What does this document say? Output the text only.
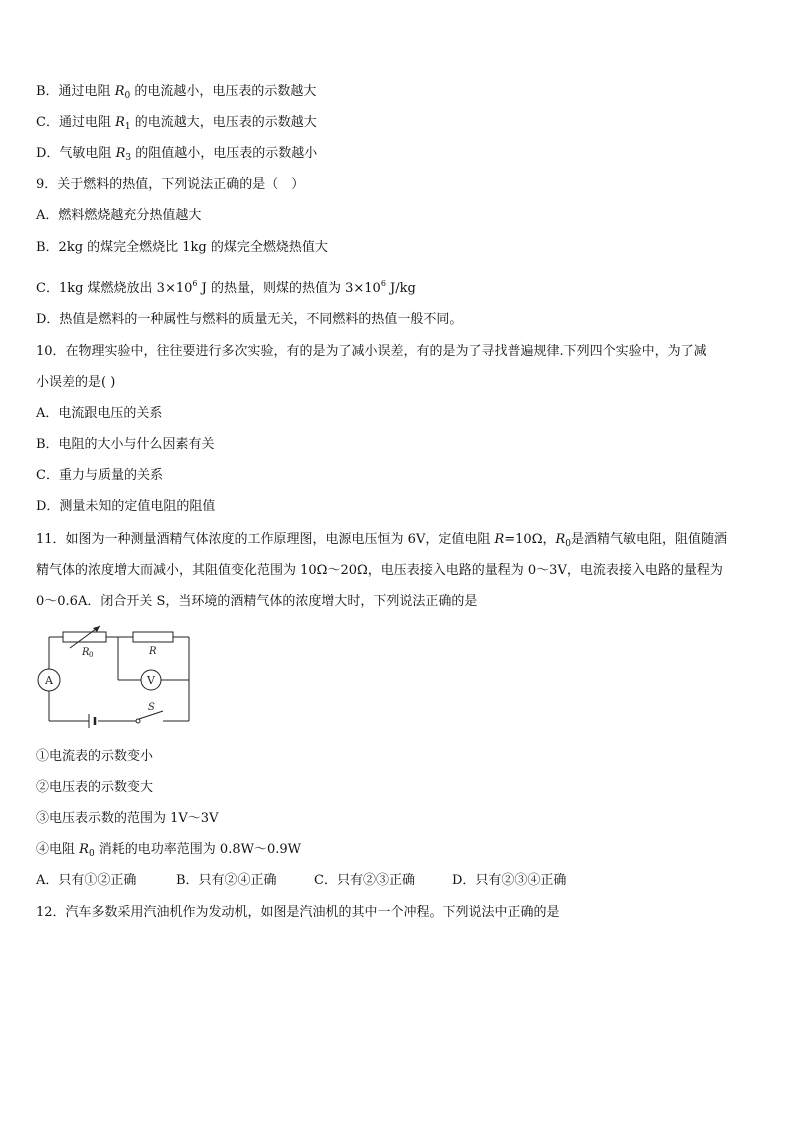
B．通过电阻 $R_0$ 的电流越小，电压表的示数越大
C．通过电阻 $R_1$ 的电流越大，电压表的示数越大
D．气敏电阻 $R_3$ 的阻值越小，电压表的示数越小
9．关于燃料的热值，下列说法正确的是（　）
A．燃料燃烧越充分热值越大
B．2kg 的煤完全燃烧比 1kg 的煤完全燃烧热值大
C．1kg 煤燃烧放出 $3\times 10^6$ J 的热量，则煤的热值为 $3\times 10^6$ J/kg
D．热值是燃料的一种属性与燃料的质量无关，不同燃料的热值一般不同。
10．在物理实验中，往往要进行多次实验，有的是为了减小误差，有的是为了寻找普遍规律.下列四个实验中，为了减
小误差的是( )
A．电流跟电压的关系
B．电阻的大小与什么因素有关
C．重力与质量的关系
D．测量未知的定值电阻的阻值
11．如图为一种测量酒精气体浓度的工作原理图，电源电压恒为 6V，定值电阻 R=10Ω，$R_0$是酒精气敏电阻，阻值随酒
精气体的浓度增大而减小，其阻值变化范围为 10Ω～20Ω，电压表接入电路的量程为 0～3V，电流表接入电路的量程为
0～0.6A．闭合开关 S，当环境的酒精气体的浓度增大时，下列说法正确的是
A	V
R 0	R
S
①电流表的示数变小
②电压表的示数变大
③电压表示数的范围为 1V～3V
④电阻 $R_0$ 消耗的电功率范围为 0.8W～0.9W
A．只有①②正确	B．只有②④正确	C．只有②③正确	D．只有②③④正确
12．汽车多数采用汽油机作为发动机，如图是汽油机的其中一个冲程。下列说法中正确的是
